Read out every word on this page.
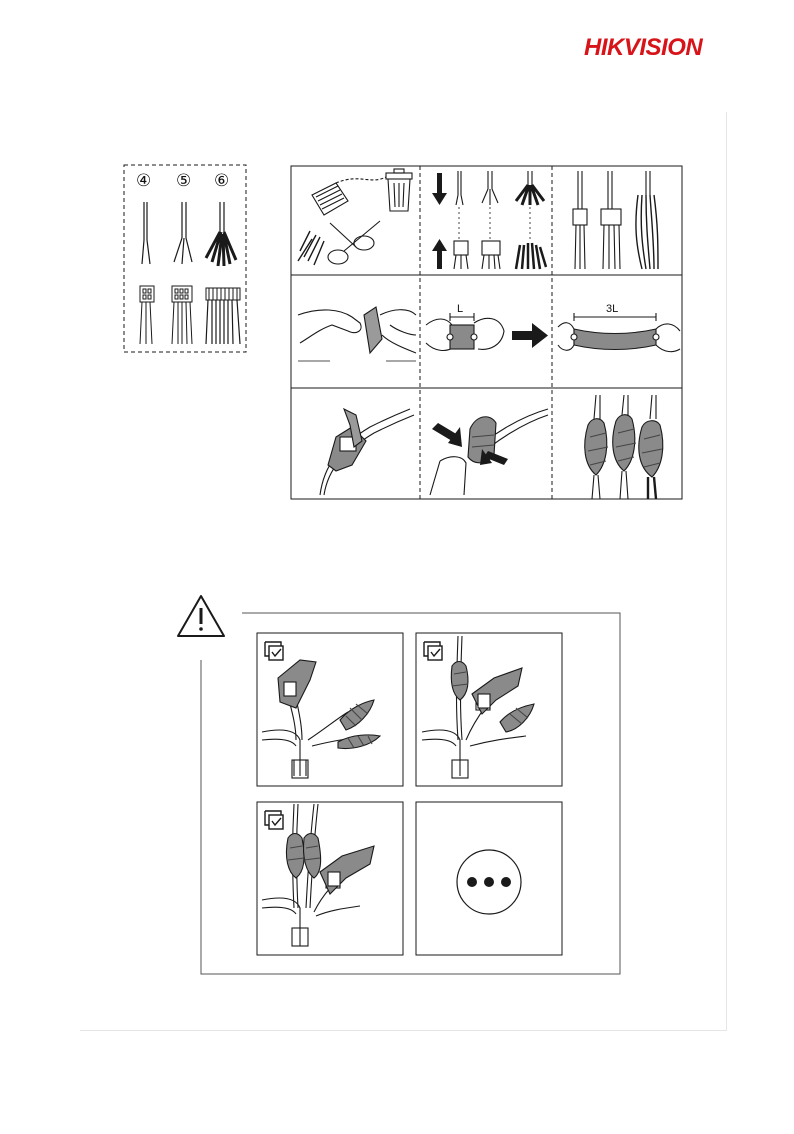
HIKVISION
④ ⑤ ⑥
L	3L
